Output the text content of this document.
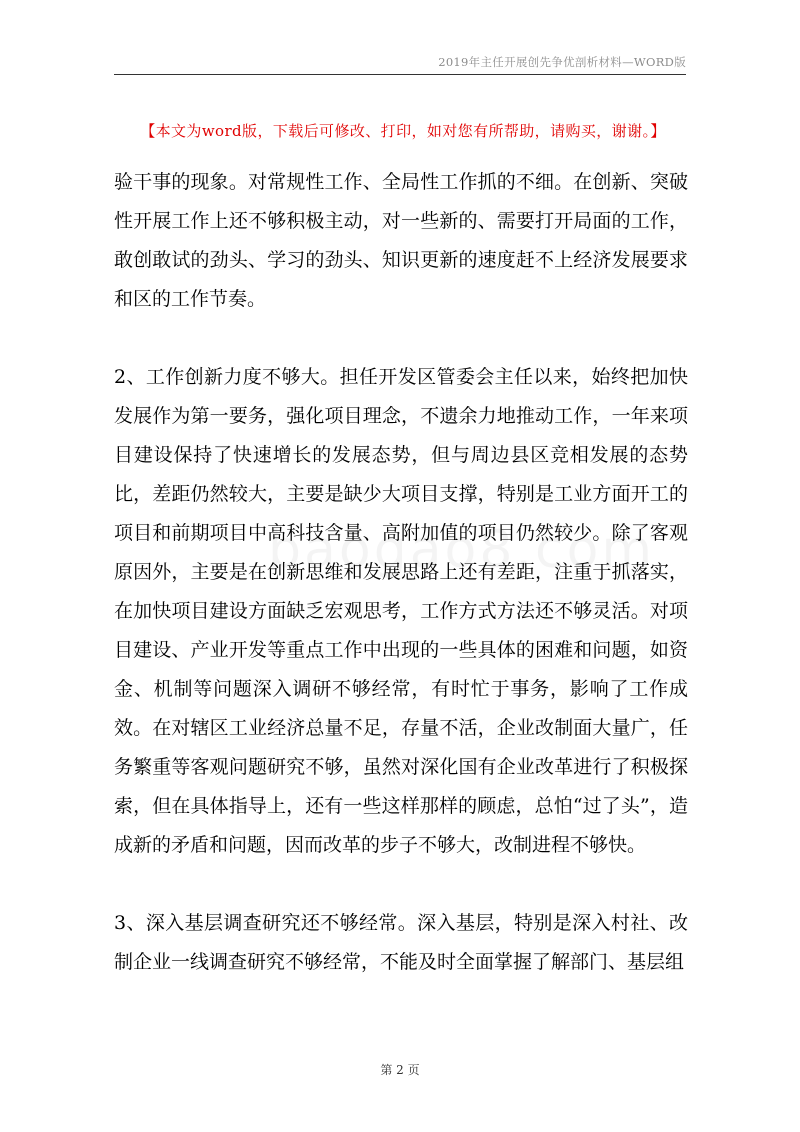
2019年主任开展创先争优剖析材料—WORD版
【本文为word版，下载后可修改、打印，如对您有所帮助，请购买，谢谢。】

验干事的现象。对常规性工作、全局性工作抓的不细。在创新、突破性开展工作上还不够积极主动，对一些新的、需要打开局面的工作，敢创敢试的劲头、学习的劲头、知识更新的速度赶不上经济发展要求和区的工作节奏。

2、工作创新力度不够大。担任开发区管委会主任以来，始终把加快发展作为第一要务，强化项目理念，不遗余力地推动工作，一年来项目建设保持了快速增长的发展态势，但与周边县区竞相发展的态势比，差距仍然较大，主要是缺少大项目支撑，特别是工业方面开工的项目和前期项目中高科技含量、高附加值的项目仍然较少。除了客观原因外，主要是在创新思维和发展思路上还有差距，注重于抓落实，在加快项目建设方面缺乏宏观思考，工作方式方法还不够灵活。对项目建设、产业开发等重点工作中出现的一些具体的困难和问题，如资金、机制等问题深入调研不够经常，有时忙于事务，影响了工作成效。在对辖区工业经济总量不足，存量不活，企业改制面大量广，任务繁重等客观问题研究不够，虽然对深化国有企业改革进行了积极探索，但在具体指导上，还有一些这样那样的顾虑，总怕“过了头”，造成新的矛盾和问题，因而改革的步子不够大，改制进程不够快。

3、深入基层调查研究还不够经常。深入基层，特别是深入村社、改制企业一线调查研究不够经常，不能及时全面掌握了解部门、基层组

第 2 页
